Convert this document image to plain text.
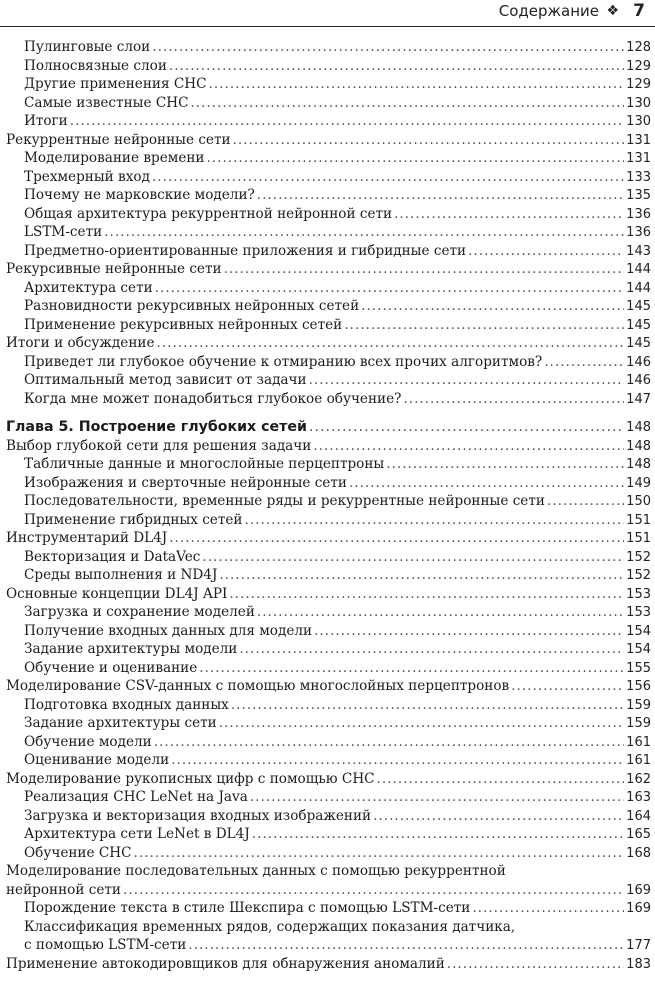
Содержание ❖ 7
Пулинговые слои .....	128
Полносвязные слои .....	129
Другие применения СНС .....	129
Самые известные СНС .....	130
Итоги .....	130
Рекуррентные нейронные сети .....	131
Моделирование времени .....	131
Трехмерный вход .....	133
Почему не марковские модели? .....	135
Общая архитектура рекуррентной нейронной сети .....	136
LSTM-сети .....	136
Предметно-ориентированные приложения и гибридные сети .....	143
Рекурсивные нейронные сети .....	144
Архитектура сети .....	144
Разновидности рекурсивных нейронных сетей .....	145
Применение рекурсивных нейронных сетей .....	145
Итоги и обсуждение .....	145
Приведет ли глубокое обучение к отмиранию всех прочих алгоритмов? .....	146
Оптимальный метод зависит от задачи .....	146
Когда мне может понадобиться глубокое обучение? .....	147
Глава 5. Построение глубоких сетей .....	148
Выбор глубокой сети для решения задачи .....	148
Табличные данные и многослойные перцептроны .....	148
Изображения и сверточные нейронные сети .....	149
Последовательности, временные ряды и рекуррентные нейронные сети .....	150
Применение гибридных сетей .....	151
Инструментарий DL4J .....	151
Векторизация и DataVec .....	152
Среды выполнения и ND4J .....	152
Основные концепции DL4J API .....	153
Загрузка и сохранение моделей .....	153
Получение входных данных для модели .....	154
Задание архитектуры модели .....	154
Обучение и оценивание .....	155
Моделирование CSV-данных с помощью многослойных перцептронов .....	156
Подготовка входных данных .....	159
Задание архитектуры сети .....	159
Обучение модели .....	161
Оценивание модели .....	161
Моделирование рукописных цифр с помощью СНС .....	162
Реализация СНС LeNet на Java .....	163
Загрузка и векторизация входных изображений .....	164
Архитектура сети LeNet в DL4J .....	165
Обучение СНС .....	168
Моделирование последовательных данных с помощью рекуррентной
нейронной сети .....	169
Порождение текста в стиле Шекспира с помощью LSTM-сети .....	169
Классификация временных рядов, содержащих показания датчика,
с помощью LSTM-сети .....	177
Применение автокодировщиков для обнаружения аномалий .....	183
